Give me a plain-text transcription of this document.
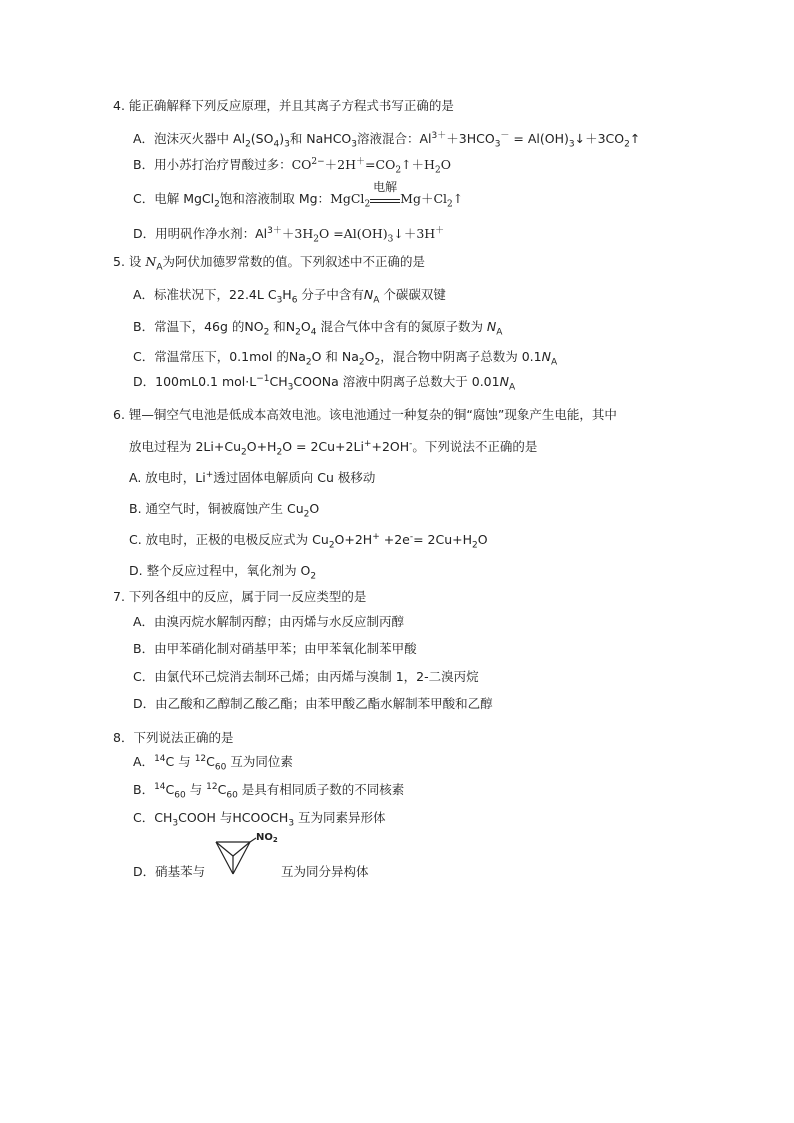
4. 能正确解释下列反应原理，并且其离子方程式书写正确的是
A．泡沫灭火器中 $Al_2(SO_4)_3$和 NaHCO$_3$溶液混合：$Al^{3+}+3HCO_3^-$ = $Al(OH)_3↓+3CO_2↑$
B．用小苏打治疗胃酸过多：$CO^{2-}+2H^+=CO_2↑+H_2O$
C．电解 MgCl$_2$饱和溶液制取 Mg：MgCl$_2$
电解
$Mg+Cl_2↑$
D．用明矾作净水剂：$Al^{3+}+3H_2O$ $=Al(OH)_3↓+3H^+$
5. 设 $N_A$为阿伏加德罗常数的值。下列叙述中不正确的是
A．标准状况下，22.4L $C_3H_6$ 分子中含有$N_A$ 个碳碳双键
B．常温下，46g 的$NO_2$ 和$N_2O_4$ 混合气体中含有的氮原子数为 $N_A$
C．常温常压下，0.1mol 的$Na_2O$ 和 $Na_2O_2$，混合物中阴离子总数为 $0.1N_A$
D．100mL0.1 $mol\cdot L^{-1}CH_3COONa$ 溶液中阴离子总数大于 $0.01N_A$
6. 锂—铜空气电池是低成本高效电池。该电池通过一种复杂的铜“腐蚀”现象产生电能，其中
放电过程为 $2Li+Cu_2O+H_2O = 2Cu+2Li^++2OH^-$。下列说法不正确的是
A. 放电时，Li+透过固体电解质向 Cu 极移动
B. 通空气时，铜被腐蚀产生 $Cu_2O$
C. 放电时，正极的电极反应式为 $Cu_2O+2H^+ +2e^-= 2Cu+H_2O$
D. 整个反应过程中，氧化剂为 $O_2$
7. 下列各组中的反应，属于同一反应类型的是
A．由溴丙烷水解制丙醇；由丙烯与水反应制丙醇
B．由甲苯硝化制对硝基甲苯；由甲苯氧化制苯甲酸
C．由氯代环己烷消去制环己烯；由丙烯与溴制 1，2-二溴丙烷
D．由乙酸和乙醇制乙酸乙酯；由苯甲酸乙酯水解制苯甲酸和乙醇
8．下列说法正确的是
A．$^{14}$C 与 $^{12}C_{60}$ 互为同位素
B．$^{14}C_{60}$ 与 $^{12}C_{60}$ 是具有相同质子数的不同核素
C．$CH_3COOH$ 与$HCOOCH_3$ 互为同素异形体
D．硝基苯与
$NO_2$
互为同分异构体
